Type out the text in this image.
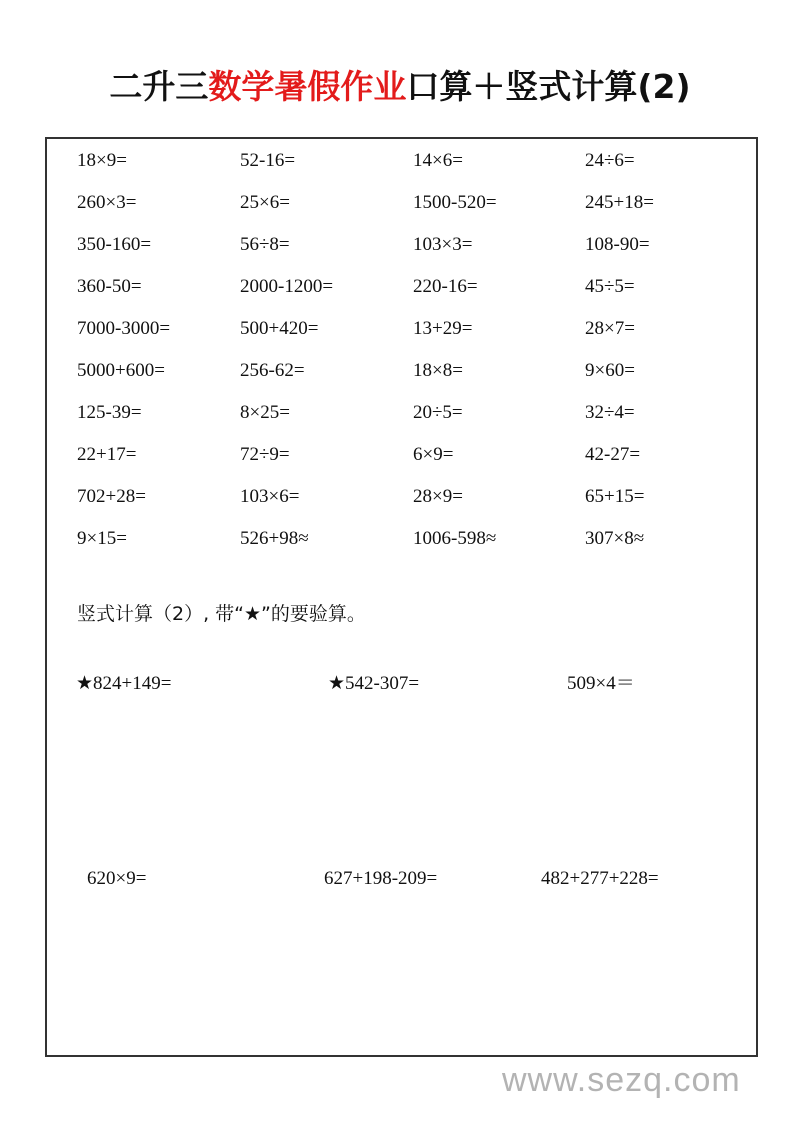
二升三数学暑假作业口算＋竖式计算(2)
18×9=	52-16=	14×6=	24÷6=
260×3=	25×6=	1500-520=	245+18=
350-160=	56÷8=	103×3=	108-90=
360-50=	2000-1200=	220-16=	45÷5=
7000-3000=	500+420=	13+29=	28×7=
5000+600=	256-62=	18×8=	9×60=
125-39=	8×25=	20÷5=	32÷4=
22+17=	72÷9=	6×9=	42-27=
702+28=	103×6=	28×9=	65+15=
9×15=	526+98≈	1006-598≈	307×8≈
竖式计算（2）, 带“★”的要验算。
★824+149=	★542-307=	509×4＝
620×9=	627+198-209=	482+277+228=
www.sezq.com
